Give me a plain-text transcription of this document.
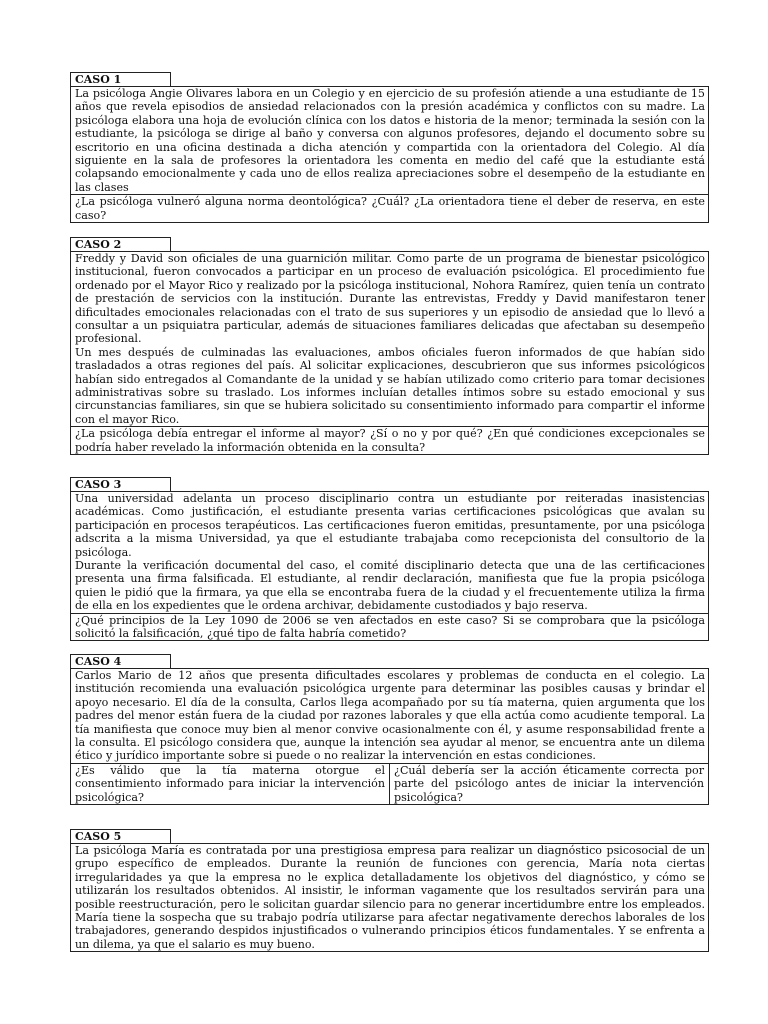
CASO 1
La psicóloga Angie Olivares labora en un Colegio y en ejercicio de su profesión atiende a una estudiante de 15 años que revela episodios de ansiedad relacionados con la presión académica y conflictos con su madre. La psicóloga elabora una hoja de evolución clínica con los datos e historia de la menor; terminada la sesión con la estudiante, la psicóloga se dirige al baño y conversa con algunos profesores, dejando el documento sobre su escritorio en una oficina destinada a dicha atención y compartida con la orientadora del Colegio. Al día siguiente en la sala de profesores la orientadora les comenta en medio del café que la estudiante está colapsando emocionalmente y cada uno de ellos realiza apreciaciones sobre el desempeño de la estudiante en las clases
¿La psicóloga vulneró alguna norma deontológica? ¿Cuál? ¿La orientadora tiene el deber de reserva, en este caso?
CASO 2
Freddy y David son oficiales de una guarnición militar. Como parte de un programa de bienestar psicológico institucional, fueron convocados a participar en un proceso de evaluación psicológica. El procedimiento fue ordenado por el Mayor Rico y realizado por la psicóloga institucional, Nohora Ramírez, quien tenía un contrato de prestación de servicios con la institución. Durante las entrevistas, Freddy y David manifestaron tener dificultades emocionales relacionadas con el trato de sus superiores y un episodio de ansiedad que lo llevó a consultar a un psiquiatra particular, además de situaciones familiares delicadas que afectaban su desempeño profesional.
Un mes después de culminadas las evaluaciones, ambos oficiales fueron informados de que habían sido trasladados a otras regiones del país. Al solicitar explicaciones, descubrieron que sus informes psicológicos habían sido entregados al Comandante de la unidad y se habían utilizado como criterio para tomar decisiones administrativas sobre su traslado. Los informes incluían detalles íntimos sobre su estado emocional y sus circunstancias familiares, sin que se hubiera solicitado su consentimiento informado para compartir el informe con el mayor Rico.
¿La psicóloga debía entregar el informe al mayor? ¿Sí o no y por qué? ¿En qué condiciones excepcionales se podría haber revelado la información obtenida en la consulta?
CASO 3
Una universidad adelanta un proceso disciplinario contra un estudiante por reiteradas inasistencias académicas. Como justificación, el estudiante presenta varias certificaciones psicológicas que avalan su participación en procesos terapéuticos. Las certificaciones fueron emitidas, presuntamente, por una psicóloga adscrita a la misma Universidad, ya que el estudiante trabajaba como recepcionista del consultorio de la psicóloga.
Durante la verificación documental del caso, el comité disciplinario detecta que una de las certificaciones presenta una firma falsificada. El estudiante, al rendir declaración, manifiesta que fue la propia psicóloga quien le pidió que la firmara, ya que ella se encontraba fuera de la ciudad y el frecuentemente utiliza la firma de ella en los expedientes que le ordena archivar, debidamente custodiados y bajo reserva.
¿Qué principios de la Ley 1090 de 2006 se ven afectados en este caso? Si se comprobara que la psicóloga solicitó la falsificación, ¿qué tipo de falta habría cometido?
CASO 4
Carlos Mario de 12 años que presenta dificultades escolares y problemas de conducta en el colegio. La institución recomienda una evaluación psicológica urgente para determinar las posibles causas y brindar el apoyo necesario. El día de la consulta, Carlos llega acompañado por su tía materna, quien argumenta que los padres del menor están fuera de la ciudad por razones laborales y que ella actúa como acudiente temporal. La tía manifiesta que conoce muy bien al menor convive ocasionalmente con él, y asume responsabilidad frente a la consulta. El psicólogo considera que, aunque la intención sea ayudar al menor, se encuentra ante un dilema ético y jurídico importante sobre si puede o no realizar la intervención en estas condiciones.
¿Es válido que la tía materna otorgue el consentimiento informado para iniciar la intervención psicológica?
¿Cuál debería ser la acción éticamente correcta por parte del psicólogo antes de iniciar la intervención psicológica?
CASO 5
La psicóloga María es contratada por una prestigiosa empresa para realizar un diagnóstico psicosocial de un grupo específico de empleados. Durante la reunión de funciones con gerencia, María nota ciertas irregularidades ya que la empresa no le explica detalladamente los objetivos del diagnóstico, y cómo se utilizarán los resultados obtenidos. Al insistir, le informan vagamente que los resultados servirán para una posible reestructuración, pero le solicitan guardar silencio para no generar incertidumbre entre los empleados. María tiene la sospecha que su trabajo podría utilizarse para afectar negativamente derechos laborales de los trabajadores, generando despidos injustificados o vulnerando principios éticos fundamentales. Y se enfrenta a un dilema, ya que el salario es muy bueno.
